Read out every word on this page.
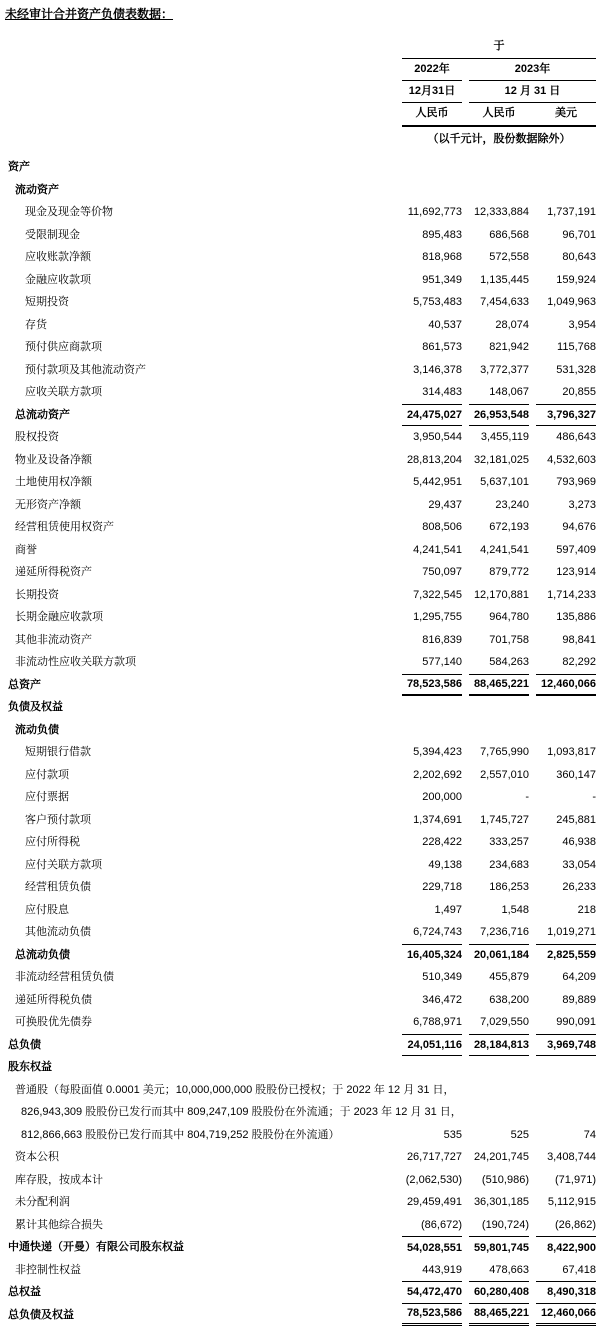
未经审计合并资产负债表数据：
于
2022年	2023年
12月31日	12 月 31 日
人民币	人民币	美元
（以千元计，股份数据除外）
资产
流动资产
现金及现金等价物	11,692,773	12,333,884	1,737,191
受限制现金	895,483	686,568	96,701
应收账款净额	818,968	572,558	80,643
金融应收款项	951,349	1,135,445	159,924
短期投资	5,753,483	7,454,633	1,049,963
存货	40,537	28,074	3,954
预付供应商款项	861,573	821,942	115,768
预付款项及其他流动资产	3,146,378	3,772,377	531,328
应收关联方款项	314,483	148,067	20,855
总流动资产	24,475,027	26,953,548	3,796,327
股权投资	3,950,544	3,455,119	486,643
物业及设备净额	28,813,204	32,181,025	4,532,603
土地使用权净额	5,442,951	5,637,101	793,969
无形资产净额	29,437	23,240	3,273
经营租赁使用权资产	808,506	672,193	94,676
商誉	4,241,541	4,241,541	597,409
递延所得税资产	750,097	879,772	123,914
长期投资	7,322,545	12,170,881	1,714,233
长期金融应收款项	1,295,755	964,780	135,886
其他非流动资产	816,839	701,758	98,841
非流动性应收关联方款项	577,140	584,263	82,292
总资产	78,523,586	88,465,221	12,460,066
负债及权益
流动负债
短期银行借款	5,394,423	7,765,990	1,093,817
应付款项	2,202,692	2,557,010	360,147
应付票据	200,000	-	-
客户预付款项	1,374,691	1,745,727	245,881
应付所得税	228,422	333,257	46,938
应付关联方款项	49,138	234,683	33,054
经营租赁负债	229,718	186,253	26,233
应付股息	1,497	1,548	218
其他流动负债	6,724,743	7,236,716	1,019,271
总流动负债	16,405,324	20,061,184	2,825,559
非流动经营租赁负债	510,349	455,879	64,209
递延所得税负债	346,472	638,200	89,889
可换股优先债券	6,788,971	7,029,550	990,091
总负债	24,051,116	28,184,813	3,969,748
股东权益
普通股（每股面值 0.0001 美元；10,000,000,000 股股份已授权；于 2022 年 12 月 31 日，
826,943,309 股股份已发行而其中 809,247,109 股股份在外流通；于 2023 年 12 月 31 日，
812,866,663 股股份已发行而其中 804,719,252 股股份在外流通）	535	525	74
资本公积	26,717,727	24,201,745	3,408,744
库存股，按成本计	(2,062,530)	(510,986)	(71,971)
未分配利润	29,459,491	36,301,185	5,112,915
累计其他综合损失	(86,672)	(190,724)	(26,862)
中通快递（开曼）有限公司股东权益	54,028,551	59,801,745	8,422,900
非控制性权益	443,919	478,663	67,418
总权益	54,472,470	60,280,408	8,490,318
总负债及权益	78,523,586	88,465,221	12,460,066
